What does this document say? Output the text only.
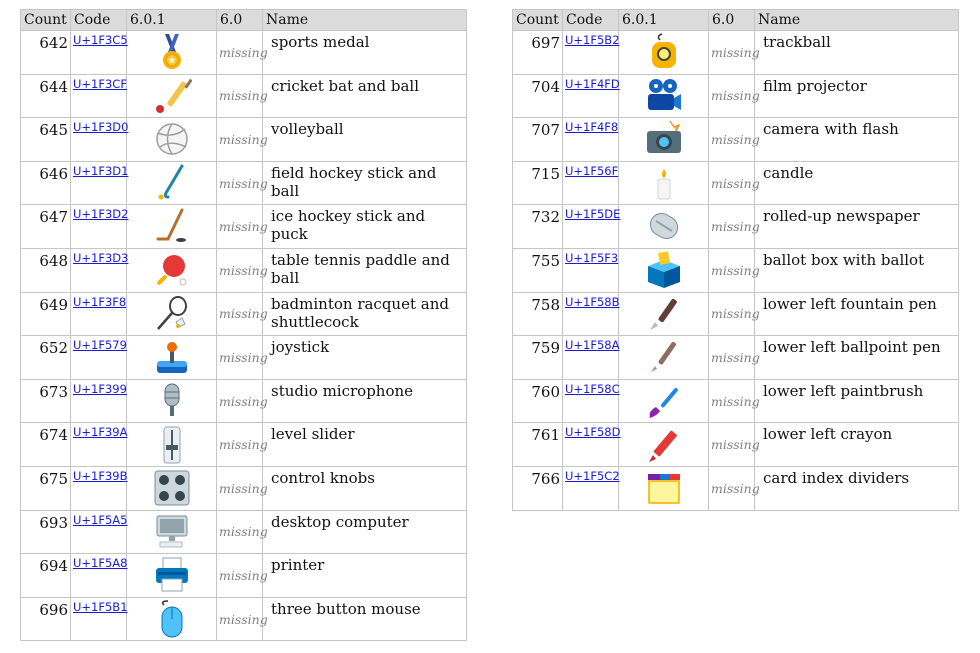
Count	Code	6.0.1	6.0	Name
642	U+1F3C5		missing	sports medal
644	U+1F3CF		missing	cricket bat and ball
645	U+1F3D0		missing	volleyball
646	U+1F3D1		missing	field hockey stick and ball
647	U+1F3D2		missing	ice hockey stick and puck
648	U+1F3D3		missing	table tennis paddle and ball
649	U+1F3F8		missing	badminton racquet and shuttlecock
652	U+1F579		missing	joystick
673	U+1F399		missing	studio microphone
674	U+1F39A		missing	level slider
675	U+1F39B		missing	control knobs
693	U+1F5A5		missing	desktop computer
694	U+1F5A8		missing	printer
696	U+1F5B1		missing	three button mouse
Count	Code	6.0.1	6.0	Name
697	U+1F5B2		missing	trackball
704	U+1F4FD		missing	film projector
707	U+1F4F8		missing	camera with flash
715	U+1F56F		missing	candle
732	U+1F5DE		missing	rolled-up newspaper
755	U+1F5F3		missing	ballot box with ballot
758	U+1F58B		missing	lower left fountain pen
759	U+1F58A		missing	lower left ballpoint pen
760	U+1F58C		missing	lower left paintbrush
761	U+1F58D		missing	lower left crayon
766	U+1F5C2		missing	card index dividers
